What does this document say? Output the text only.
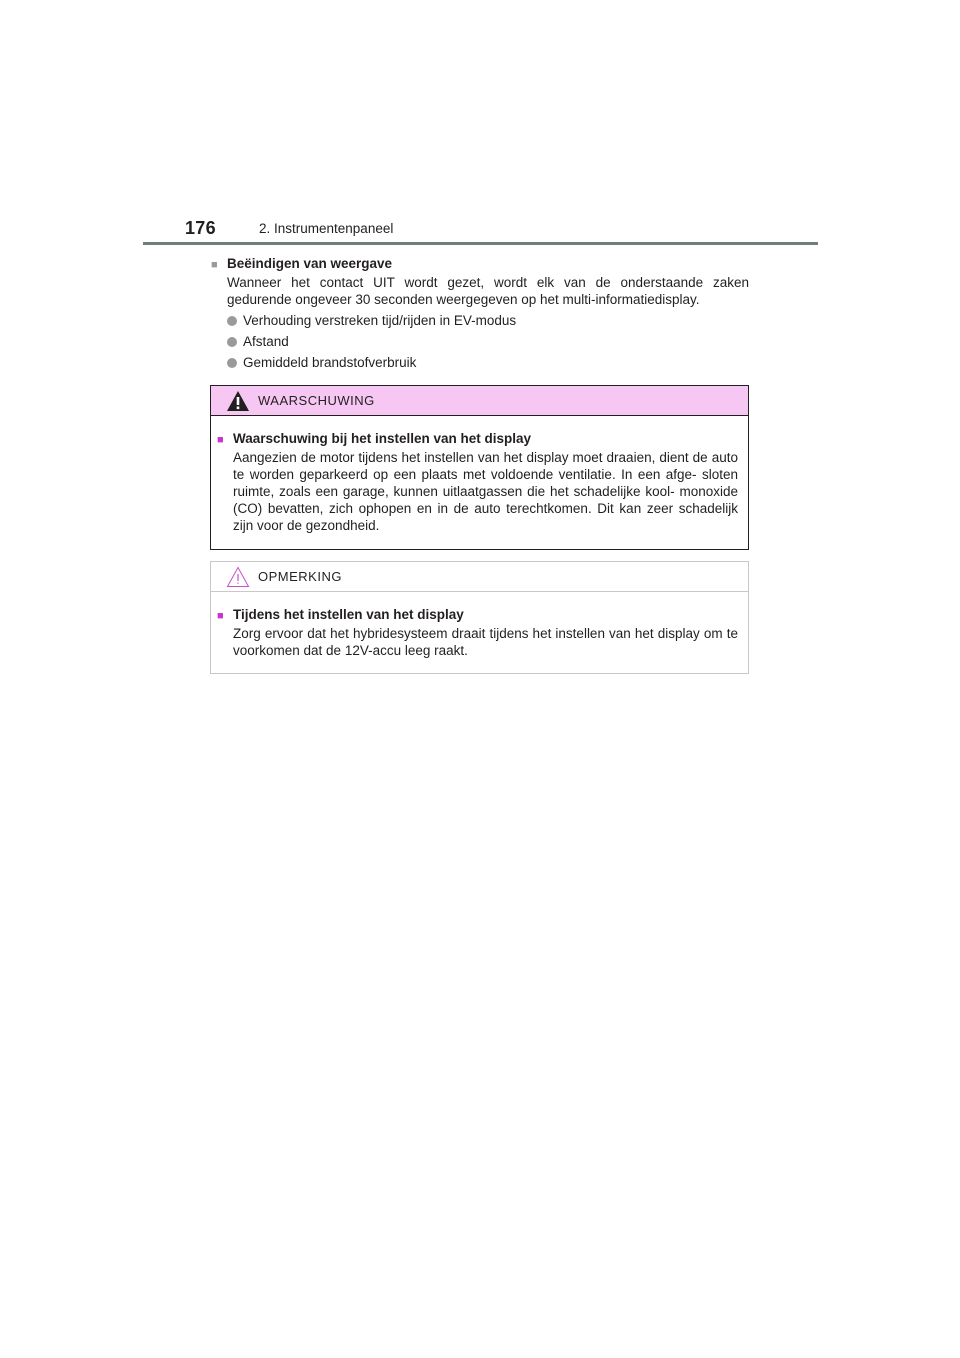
176	2. Instrumentenpaneel
■ Beëindigen van weergave
Wanneer het contact UIT wordt gezet, wordt elk van de onderstaande zaken gedurende ongeveer 30 seconden weergegeven op het multi-informatiedisplay.
Verhouding verstreken tijd/rijden in EV-modus
Afstand
Gemiddeld brandstofverbruik
WAARSCHUWING
■ Waarschuwing bij het instellen van het display
Aangezien de motor tijdens het instellen van het display moet draaien, dient de auto te worden geparkeerd op een plaats met voldoende ventilatie. In een afge- sloten ruimte, zoals een garage, kunnen uitlaatgassen die het schadelijke kool- monoxide (CO) bevatten, zich ophopen en in de auto terechtkomen. Dit kan zeer schadelijk zijn voor de gezondheid.
OPMERKING
■ Tijdens het instellen van het display
Zorg ervoor dat het hybridesysteem draait tijdens het instellen van het display om te voorkomen dat de 12V-accu leeg raakt.
